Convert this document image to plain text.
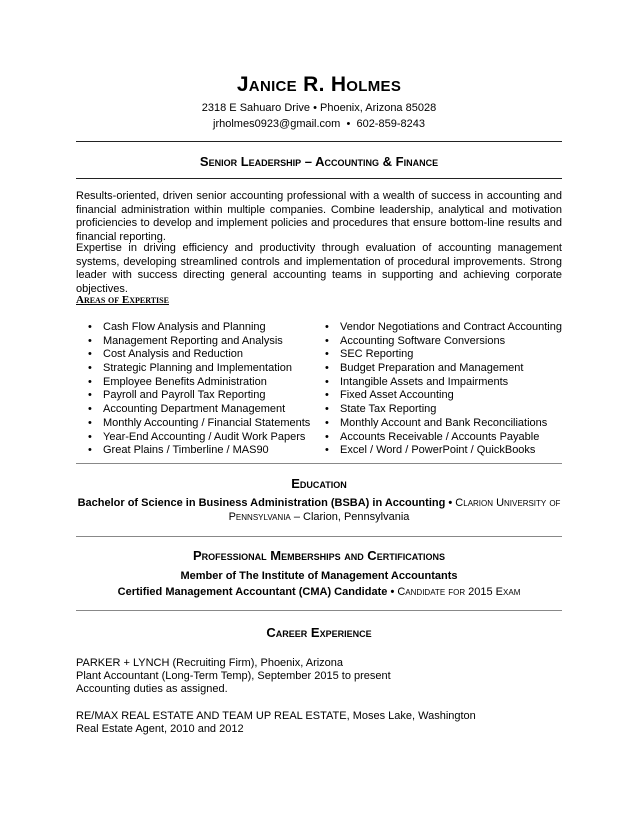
Janice R. Holmes
2318 E Sahuaro Drive • Phoenix, Arizona 85028
jrholmes0923@gmail.com • 602-859-8243
Senior Leadership – Accounting & Finance
Results-oriented, driven senior accounting professional with a wealth of success in accounting and financial administration within multiple companies. Combine leadership, analytical and motivation proficiencies to develop and implement policies and procedures that ensure bottom-line results and financial reporting.
Expertise in driving efficiency and productivity through evaluation of accounting management systems, developing streamlined controls and implementation of procedural improvements. Strong leader with success directing general accounting teams in supporting and achieving corporate objectives.
Areas of Expertise
• Cash Flow Analysis and Planning
• Management Reporting and Analysis
• Cost Analysis and Reduction
• Strategic Planning and Implementation
• Employee Benefits Administration
• Payroll and Payroll Tax Reporting
• Accounting Department Management
• Monthly Accounting / Financial Statements
• Year-End Accounting / Audit Work Papers
• Great Plains / Timberline / MAS90
• Vendor Negotiations and Contract Accounting
• Accounting Software Conversions
• SEC Reporting
• Budget Preparation and Management
• Intangible Assets and Impairments
• Fixed Asset Accounting
• State Tax Reporting
• Monthly Account and Bank Reconciliations
• Accounts Receivable / Accounts Payable
• Excel / Word / PowerPoint / QuickBooks
Education
Bachelor of Science in Business Administration (BSBA) in Accounting • Clarion University of Pennsylvania – Clarion, Pennsylvania
Professional Memberships and Certifications
Member of The Institute of Management Accountants
Certified Management Accountant (CMA) Candidate • Candidate for 2015 Exam
Career Experience
PARKER + LYNCH (Recruiting Firm), Phoenix, Arizona
Plant Accountant (Long-Term Temp), September 2015 to present
Accounting duties as assigned.
RE/MAX REAL ESTATE AND TEAM UP REAL ESTATE, Moses Lake, Washington
Real Estate Agent, 2010 and 2012
